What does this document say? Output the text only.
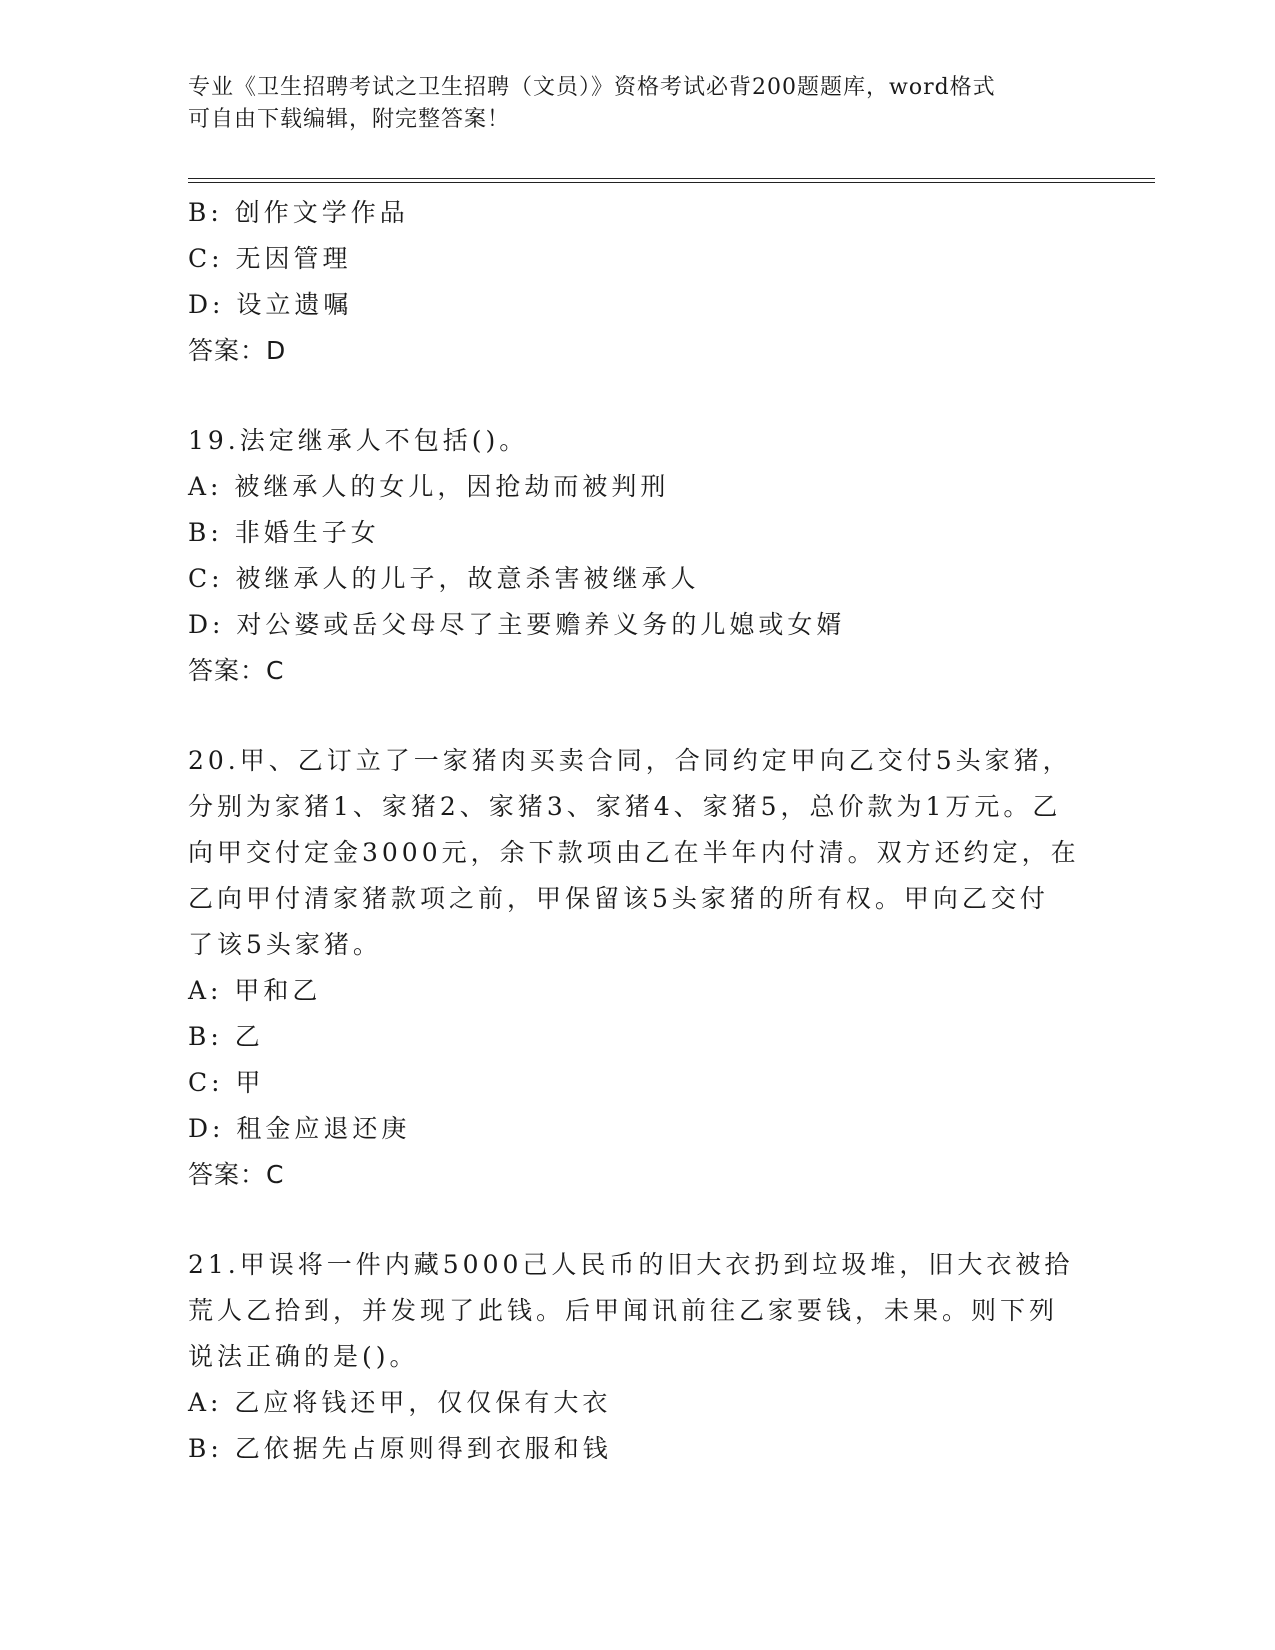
专业《卫生招聘考试之卫生招聘（文员）》资格考试必背200题题库，word格式
可自由下载编辑，附完整答案！
B: 创作文学作品
C: 无因管理
D: 设立遗嘱
答案：D
19.法定继承人不包括()。
A: 被继承人的女儿，因抢劫而被判刑
B: 非婚生子女
C: 被继承人的儿子，故意杀害被继承人
D: 对公婆或岳父母尽了主要赡养义务的儿媳或女婿
答案：C
20.甲、乙订立了一家猪肉买卖合同，合同约定甲向乙交付5头家猪，
分别为家猪1、家猪2、家猪3、家猪4、家猪5，总价款为1万元。乙
向甲交付定金3000元，余下款项由乙在半年内付清。双方还约定，在
乙向甲付清家猪款项之前，甲保留该5头家猪的所有权。甲向乙交付
了该5头家猪。
A: 甲和乙
B: 乙
C: 甲
D: 租金应退还庚
答案：C
21.甲误将一件内藏5000己人民币的旧大衣扔到垃圾堆，旧大衣被拾
荒人乙拾到，并发现了此钱。后甲闻讯前往乙家要钱，未果。则下列
说法正确的是()。
A: 乙应将钱还甲，仅仅保有大衣
B: 乙依据先占原则得到衣服和钱
